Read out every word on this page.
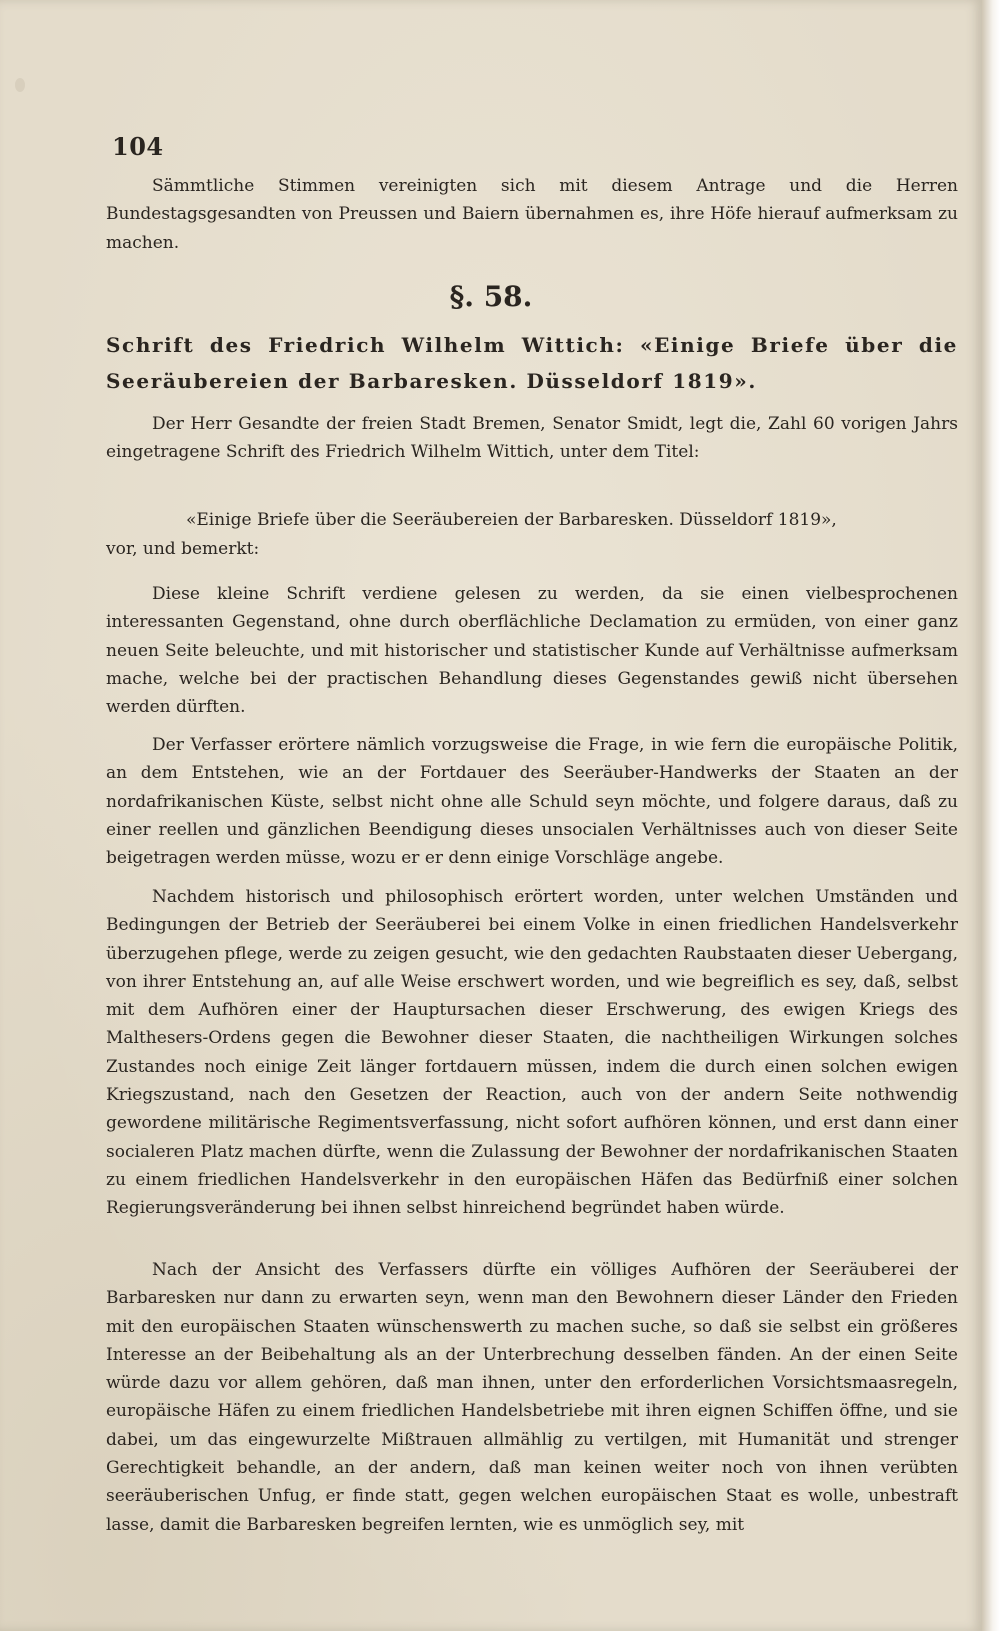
104

Sämmtliche Stimmen vereinigten sich mit diesem Antrage und die Herren Bundestagsgesandten von Preussen und Baiern übernahmen es, ihre Höfe hierauf aufmerksam zu machen.

§. 58.
Schrift des Friedrich Wilhelm Wittich: «Einige Briefe über die Seeräubereien der Barbaresken. Düsseldorf 1819».

Der Herr Gesandte der freien Stadt Bremen, Senator Smidt, legt die, Zahl 60 vorigen Jahrs eingetragene Schrift des Friedrich Wilhelm Wittich, unter dem Titel:

«Einige Briefe über die Seeräubereien der Barbaresken. Düsseldorf 1819»,

vor, und bemerkt:

Diese kleine Schrift verdiene gelesen zu werden, da sie einen vielbesprochenen interessanten Gegenstand, ohne durch oberflächliche Declamation zu ermüden, von einer ganz neuen Seite beleuchte, und mit historischer und statistischer Kunde auf Verhältnisse aufmerksam mache, welche bei der practischen Behandlung dieses Gegenstandes gewiß nicht übersehen werden dürften.

Der Verfasser erörtere nämlich vorzugsweise die Frage, in wie fern die europäische Politik, an dem Entstehen, wie an der Fortdauer des Seeräuber-Handwerks der Staaten an der nordafrikanischen Küste, selbst nicht ohne alle Schuld seyn möchte, und folgere daraus, daß zu einer reellen und gänzlichen Beendigung dieses unsocialen Verhältnisses auch von dieser Seite beigetragen werden müsse, wozu er er denn einige Vorschläge angebe.

Nachdem historisch und philosophisch erörtert worden, unter welchen Umständen und Bedingungen der Betrieb der Seeräuberei bei einem Volke in einen friedlichen Handelsverkehr überzugehen pflege, werde zu zeigen gesucht, wie den gedachten Raubstaaten dieser Uebergang, von ihrer Entstehung an, auf alle Weise erschwert worden, und wie begreiflich es sey, daß, selbst mit dem Aufhören einer der Hauptursachen dieser Erschwerung, des ewigen Kriegs des Malthesers-Ordens gegen die Bewohner dieser Staaten, die nachtheiligen Wirkungen solches Zustandes noch einige Zeit länger fortdauern müssen, indem die durch einen solchen ewigen Kriegszustand, nach den Gesetzen der Reaction, auch von der andern Seite nothwendig gewordene militärische Regimentsverfassung, nicht sofort aufhören können, und erst dann einer socialeren Platz machen dürfte, wenn die Zulassung der Bewohner der nordafrikanischen Staaten zu einem friedlichen Handelsverkehr in den europäischen Häfen das Bedürfniß einer solchen Regierungsveränderung bei ihnen selbst hinreichend begründet haben würde.

Nach der Ansicht des Verfassers dürfte ein völliges Aufhören der Seeräuberei der Barbaresken nur dann zu erwarten seyn, wenn man den Bewohnern dieser Länder den Frieden mit den europäischen Staaten wünschenswerth zu machen suche, so daß sie selbst ein größeres Interesse an der Beibehaltung als an der Unterbrechung desselben fänden. An der einen Seite würde dazu vor allem gehören, daß man ihnen, unter den erforderlichen Vorsichtsmaasregeln, europäische Häfen zu einem friedlichen Handelsbetriebe mit ihren eignen Schiffen öffne, und sie dabei, um das eingewurzelte Mißtrauen allmählig zu vertilgen, mit Humanität und strenger Gerechtigkeit behandle, an der andern, daß man keinen weiter noch von ihnen verübten seeräuberischen Unfug, er finde statt, gegen welchen europäischen Staat es wolle, unbestraft lasse, damit die Barbaresken begreifen lernten, wie es unmöglich sey, mit
